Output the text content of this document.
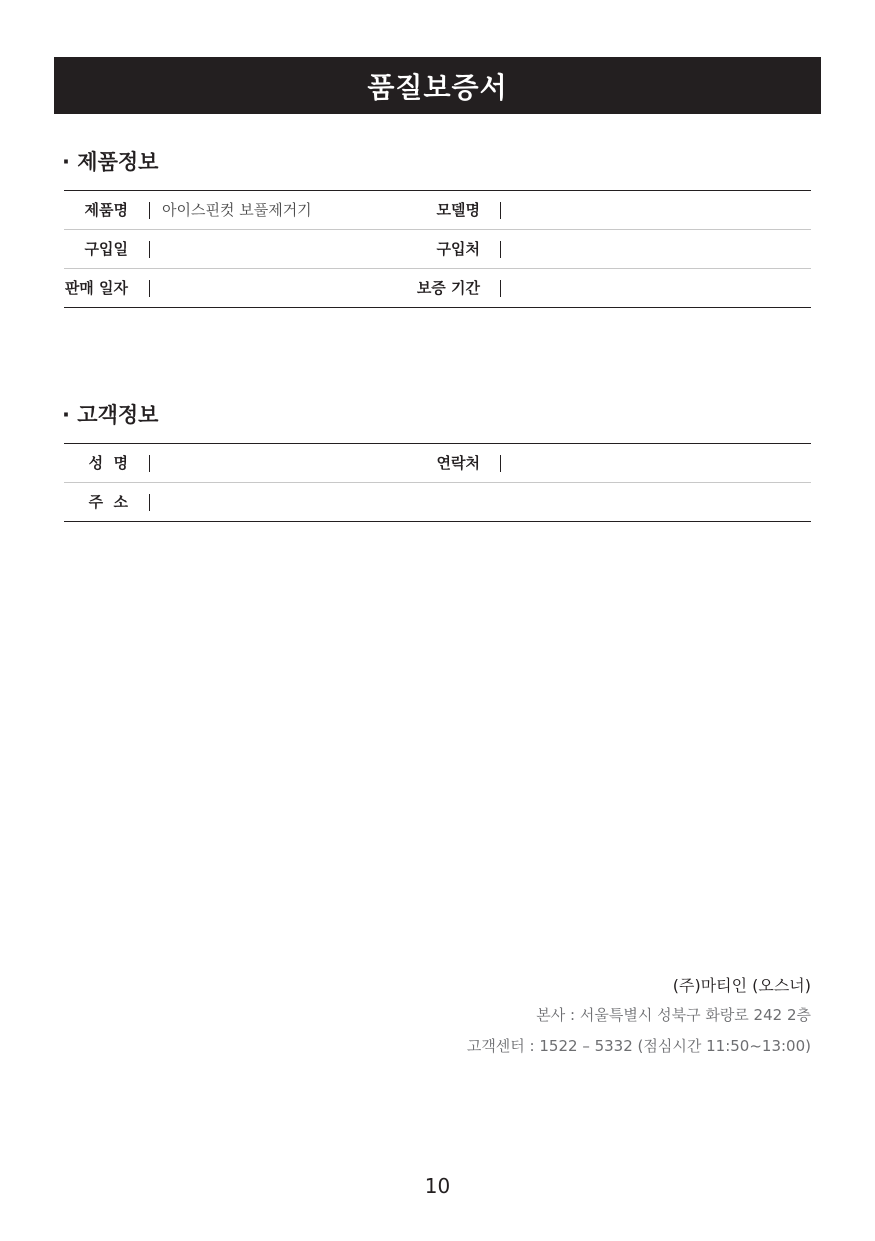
품질보증서
· 제품정보
제품명 아이스핀컷 보풀제거기	모델명
구입일	구입처
판매 일자	보증 기간
· 고객정보
성  명	연락처
주  소
(주)마티인 (오스너)
본사 : 서울특별시 성북구 화랑로 242 2층
고객센터 : 1522 – 5332 (점심시간 11:50~13:00)
10
